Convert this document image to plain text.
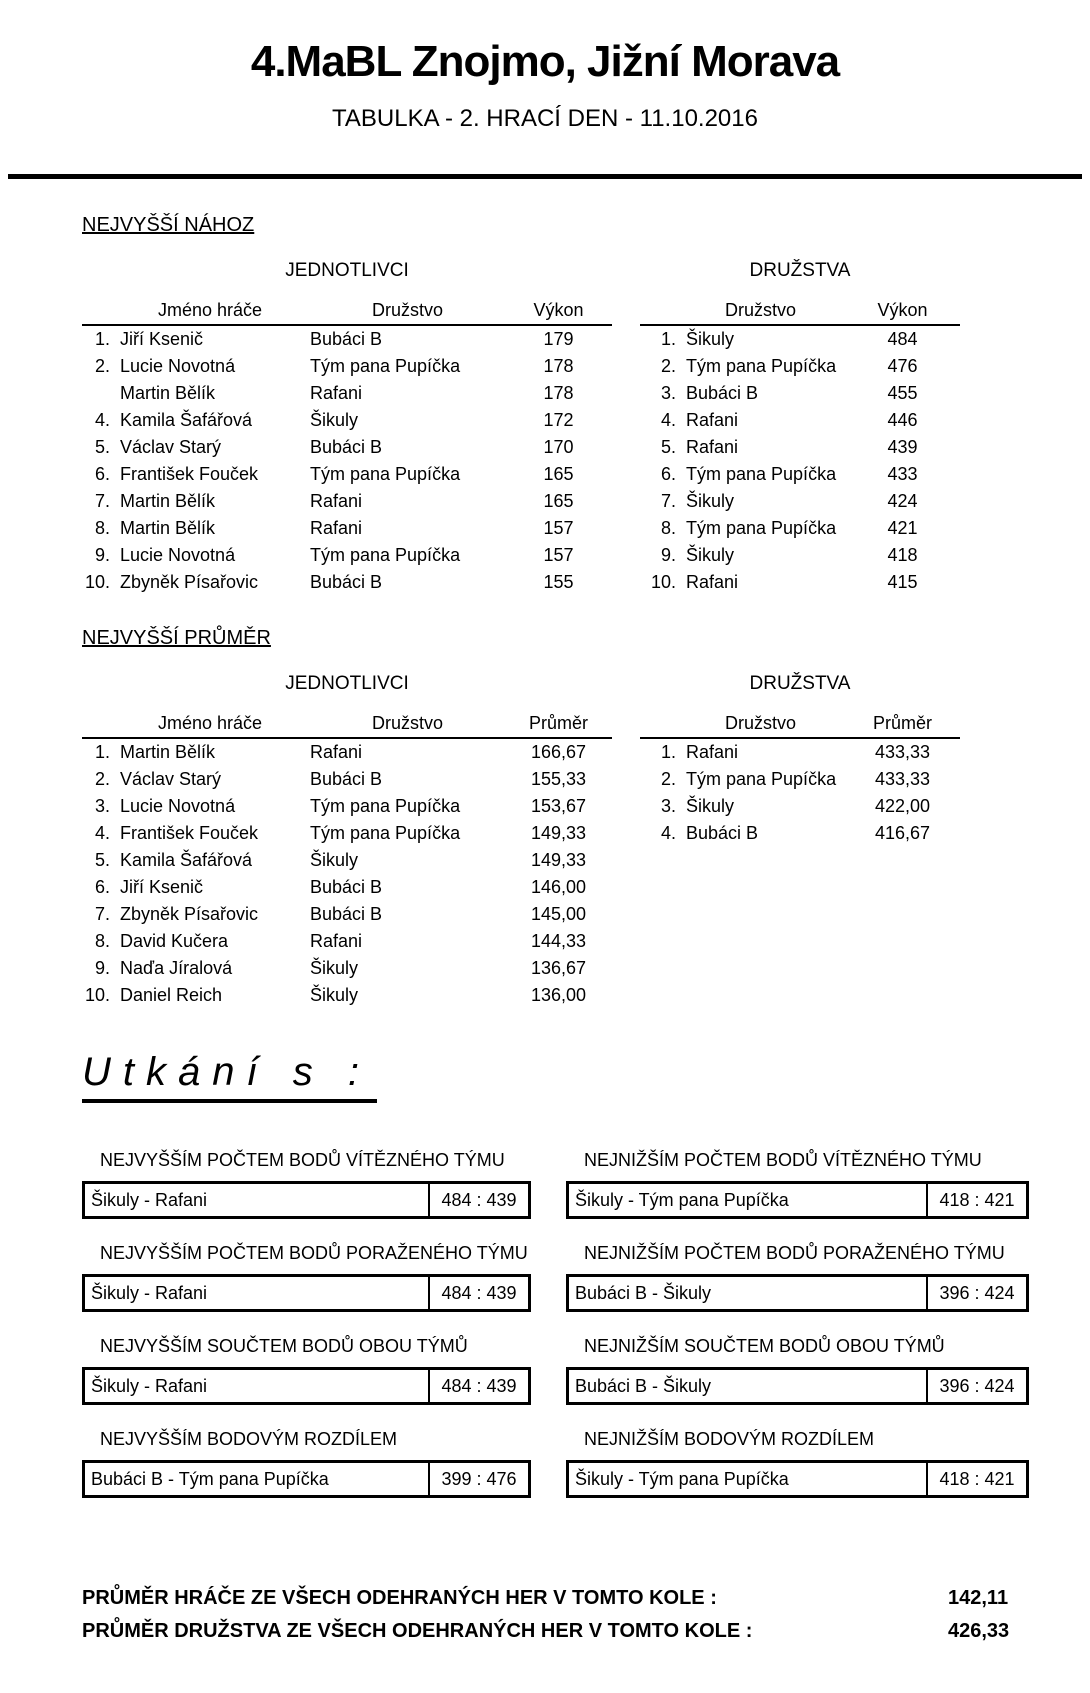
4.MaBL Znojmo, Jižní Morava
TABULKA - 2. HRACÍ DEN - 11.10.2016
NEJVYŠŠÍ NÁHOZ
JEDNOTLIVCI
Jméno hráče	Družstvo	Výkon
1. Jiří Ksenič	Bubáci B	179
2. Lucie Novotná	Tým pana Pupíčka	178
Martin Bělík	Rafani	178
4. Kamila Šafářová	Šikuly	172
5. Václav Starý	Bubáci B	170
6. František Fouček	Tým pana Pupíčka	165
7. Martin Bělík	Rafani	165
8. Martin Bělík	Rafani	157
9. Lucie Novotná	Tým pana Pupíčka	157
10. Zbyněk Písařovic	Bubáci B	155
DRUŽSTVA
Družstvo	Výkon
1. Šikuly	484
2. Tým pana Pupíčka	476
3. Bubáci B	455
4. Rafani	446
5. Rafani	439
6. Tým pana Pupíčka	433
7. Šikuly	424
8. Tým pana Pupíčka	421
9. Šikuly	418
10. Rafani	415
NEJVYŠŠÍ PRŮMĚR
JEDNOTLIVCI
Jméno hráče	Družstvo	Průměr
1. Martin Bělík	Rafani	166,67
2. Václav Starý	Bubáci B	155,33
3. Lucie Novotná	Tým pana Pupíčka	153,67
4. František Fouček	Tým pana Pupíčka	149,33
5. Kamila Šafářová	Šikuly	149,33
6. Jiří Ksenič	Bubáci B	146,00
7. Zbyněk Písařovic	Bubáci B	145,00
8. David Kučera	Rafani	144,33
9. Naďa Jíralová	Šikuly	136,67
10. Daniel Reich	Šikuly	136,00
DRUŽSTVA
Družstvo	Průměr
1. Rafani	433,33
2. Tým pana Pupíčka	433,33
3. Šikuly	422,00
4. Bubáci B	416,67
Utkání s :
NEJVYŠŠÍM POČTEM BODŮ VÍTĚZNÉHO TÝMU
Šikuly - Rafani	484 : 439
NEJNIŽŠÍM POČTEM BODŮ VÍTĚZNÉHO TÝMU
Šikuly - Tým pana Pupíčka	418 : 421
NEJVYŠŠÍM POČTEM BODŮ PORAŽENÉHO TÝMU
Šikuly - Rafani	484 : 439
NEJNIŽŠÍM POČTEM BODŮ PORAŽENÉHO TÝMU
Bubáci B - Šikuly	396 : 424
NEJVYŠŠÍM SOUČTEM BODŮ OBOU TÝMŮ
Šikuly - Rafani	484 : 439
NEJNIŽŠÍM SOUČTEM BODŮ OBOU TÝMŮ
Bubáci B - Šikuly	396 : 424
NEJVYŠŠÍM BODOVÝM ROZDÍLEM
Bubáci B - Tým pana Pupíčka	399 : 476
NEJNIŽŠÍM BODOVÝM ROZDÍLEM
Šikuly - Tým pana Pupíčka	418 : 421
PRŮMĚR HRÁČE ZE VŠECH ODEHRANÝCH HER V TOMTO KOLE :	142,11
PRŮMĚR DRUŽSTVA ZE VŠECH ODEHRANÝCH HER V TOMTO KOLE :	426,33
